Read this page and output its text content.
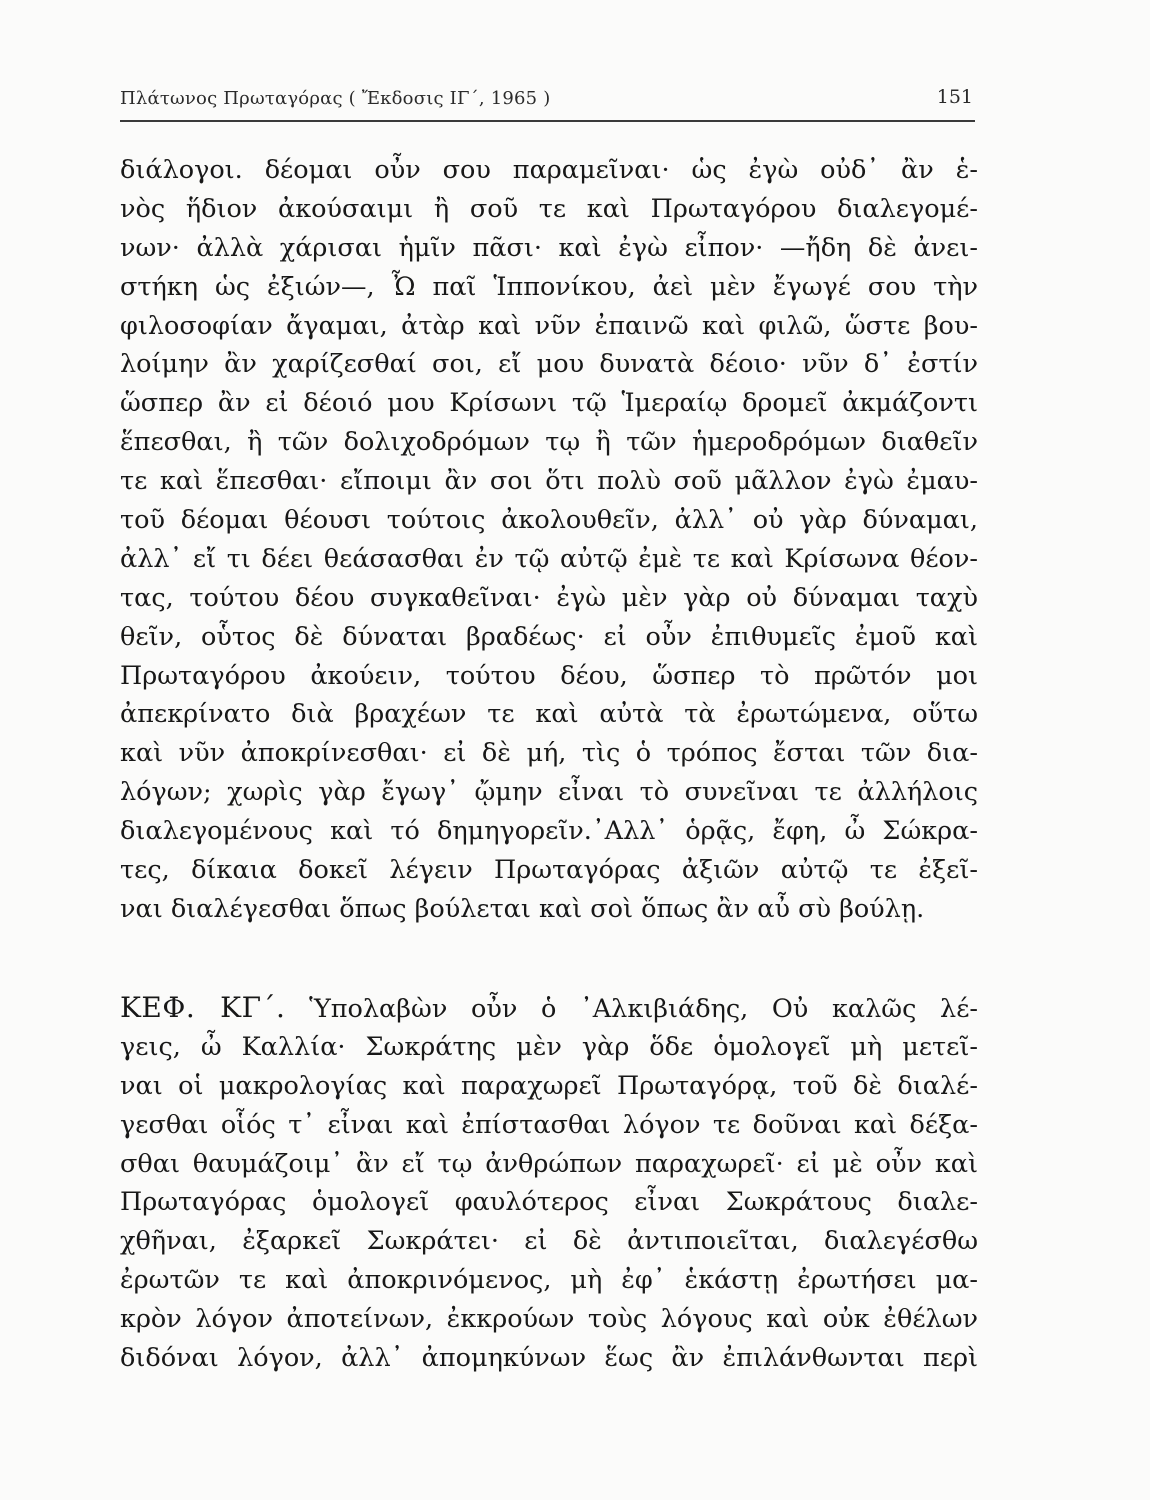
Πλάτωνος Πρωταγόρας ( Ἔκδοσις ΙΓ΄, 1965 )	151
διάλογοι. δέομαι οὖν σου παραμεῖναι· ὡς ἐγὼ οὐδ᾽ ἂν ἑ-
νὸς ἥδιον ἀκούσαιμι ἢ σοῦ τε καὶ Πρωταγόρου διαλεγομέ-
νων· ἀλλὰ χάρισαι ἡμῖν πᾶσι· καὶ ἐγὼ εἶπον· —ἤδη δὲ ἀνει-
στήκη ὡς ἐξιών—, Ὦ παῖ Ἱππονίκου, ἀεὶ μὲν ἔγωγέ σου τὴν
φιλοσοφίαν ἄγαμαι, ἀτὰρ καὶ νῦν ἐπαινῶ καὶ φιλῶ, ὥστε βου-
λοίμην ἂν χαρίζεσθαί σοι, εἴ μου δυνατὰ δέοιο· νῦν δ᾽ ἐστίν
ὥσπερ ἂν εἰ δέοιό μου Κρίσωνι τῷ Ἱμεραίῳ δρομεῖ ἀκμάζοντι
ἕπεσθαι, ἢ τῶν δολιχοδρόμων τῳ ἢ τῶν ἡμεροδρόμων διαθεῖν
τε καὶ ἕπεσθαι· εἴποιμι ἂν σοι ὅτι πολὺ σοῦ μᾶλλον ἐγὼ ἐμαυ-
τοῦ δέομαι θέουσι τούτοις ἀκολουθεῖν, ἀλλ᾽ οὐ γὰρ δύναμαι,
ἀλλ᾽ εἴ τι δέει θεάσασθαι ἐν τῷ αὐτῷ ἐμὲ τε καὶ Κρίσωνα θέον-
τας, τούτου δέου συγκαθεῖναι· ἐγὼ μὲν γὰρ οὐ δύναμαι ταχὺ
θεῖν, οὗτος δὲ δύναται βραδέως· εἰ οὖν ἐπιθυμεῖς ἐμοῦ καὶ
Πρωταγόρου ἀκούειν, τούτου δέου, ὥσπερ τὸ πρῶτόν μοι
ἀπεκρίνατο διὰ βραχέων τε καὶ αὐτὰ τὰ ἐρωτώμενα, οὕτω
καὶ νῦν ἀποκρίνεσθαι· εἰ δὲ μή, τὶς ὁ τρόπος ἔσται τῶν δια-
λόγων; χωρὶς γὰρ ἔγωγ᾽ ᾤμην εἶναι τὸ συνεῖναι τε ἀλλήλοις
διαλεγομένους καὶ τό δημηγορεῖν.᾽Αλλ᾽ ὁρᾷς, ἔφη, ὦ Σώκρα-
τες, δίκαια δοκεῖ λέγειν Πρωταγόρας ἀξιῶν αὐτῷ τε ἐξεῖ-
ναι διαλέγεσθαι ὅπως βούλεται καὶ σοὶ ὅπως ἂν αὖ σὺ βούλῃ.
ΚΕΦ. ΚΓ΄. Ὑπολαβὼν οὖν ὁ ᾽Αλκιβιάδης, Οὐ καλῶς λέ-
γεις, ὦ Καλλία· Σωκράτης μὲν γὰρ ὅδε ὁμολογεῖ μὴ μετεῖ-
ναι οἱ μακρολογίας καὶ παραχωρεῖ Πρωταγόρᾳ, τοῦ δὲ διαλέ-
γεσθαι οἷός τ᾽ εἶναι καὶ ἐπίστασθαι λόγον τε δοῦναι καὶ δέξα-
σθαι θαυμάζοιμ᾽ ἂν εἴ τῳ ἀνθρώπων παραχωρεῖ· εἰ μὲ οὖν καὶ
Πρωταγόρας ὁμολογεῖ φαυλότερος εἶναι Σωκράτους διαλε-
χθῆναι, ἐξαρκεῖ Σωκράτει· εἰ δὲ ἀντιποιεῖται, διαλεγέσθω
ἐρωτῶν τε καὶ ἀποκρινόμενος, μὴ ἐφ᾽ ἑκάστῃ ἐρωτήσει μα-
κρὸν λόγον ἀποτείνων, ἐκκρούων τοὺς λόγους καὶ οὐκ ἐθέλων
διδόναι λόγον, ἀλλ᾽ ἀπομηκύνων ἕως ἂν ἐπιλάνθωνται περὶ
